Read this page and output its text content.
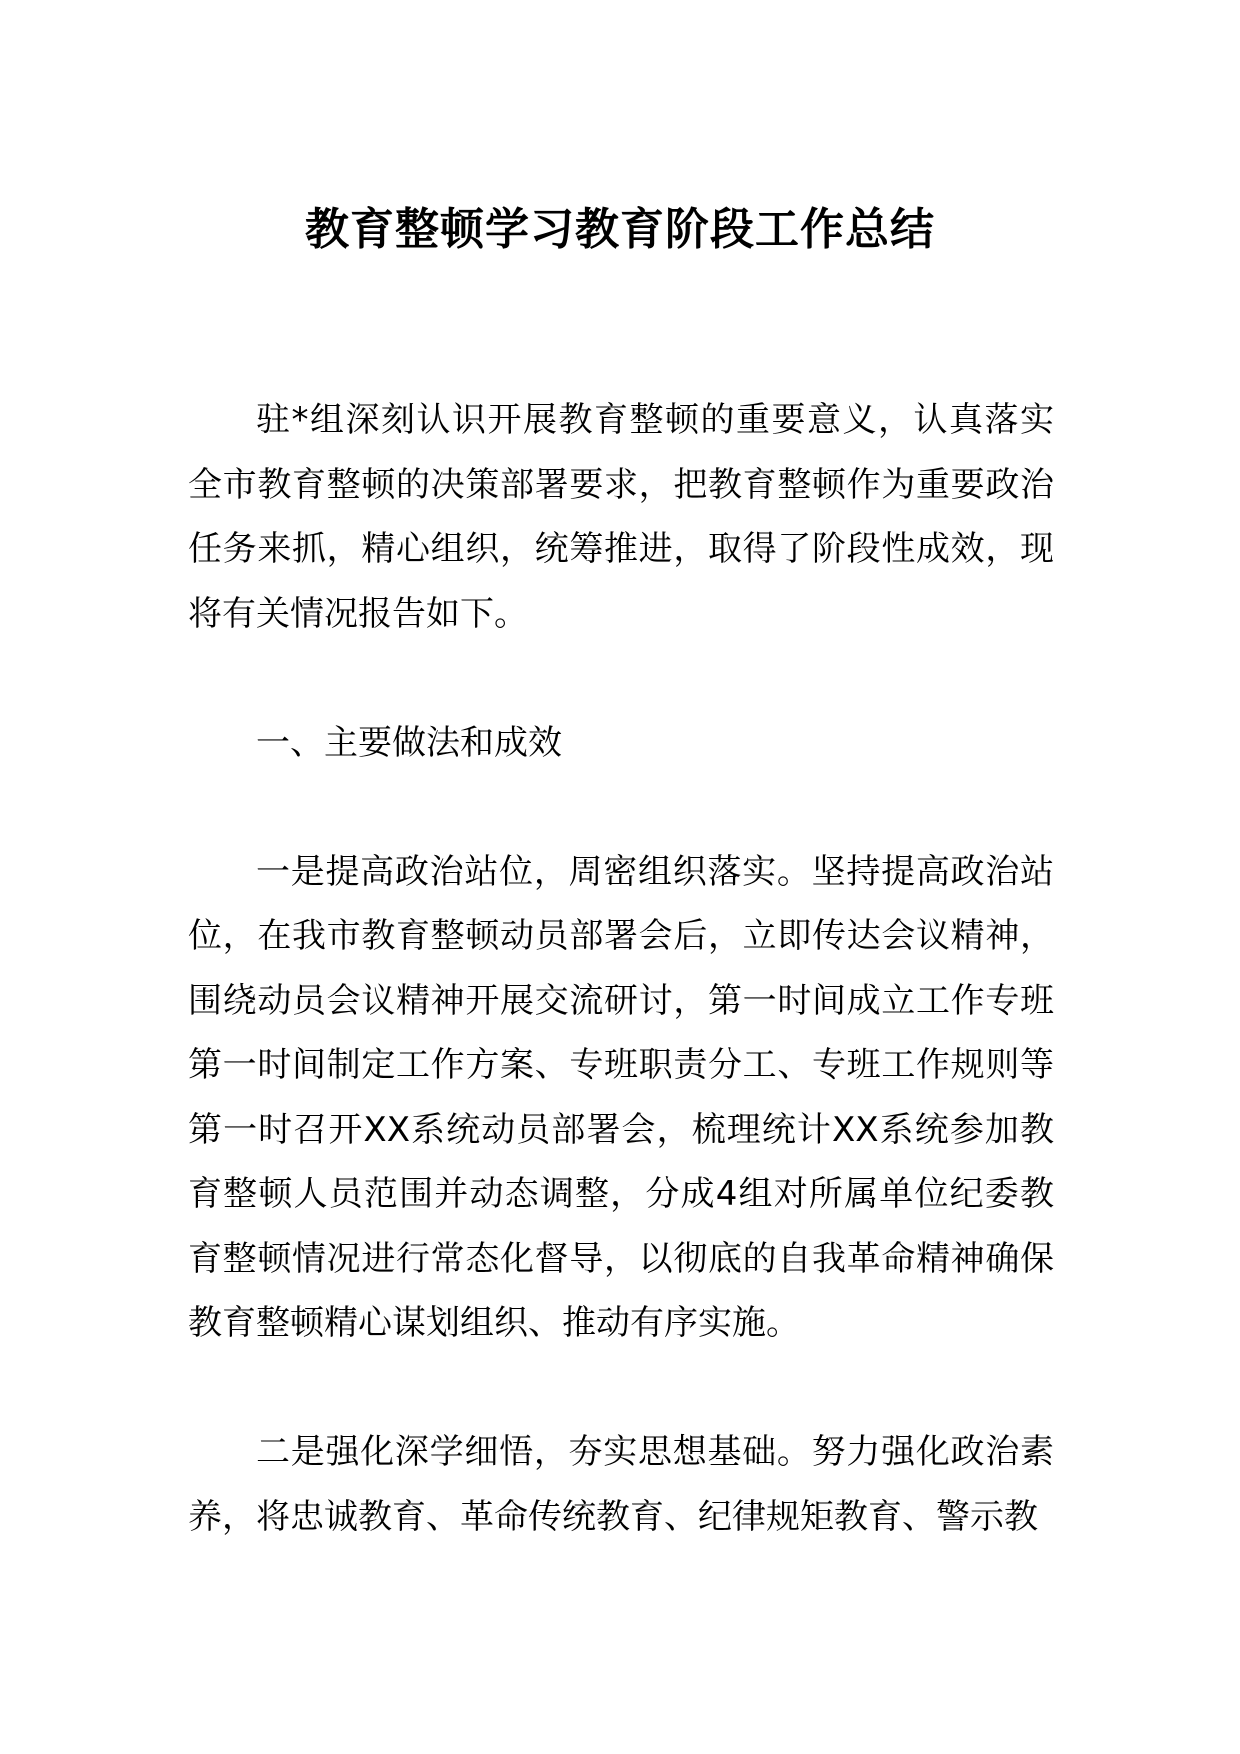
教育整顿学习教育阶段工作总结

驻*组深刻认识开展教育整顿的重要意义，认真落实全市教育整顿的决策部署要求，把教育整顿作为重要政治任务来抓，精心组织，统筹推进，取得了阶段性成效，现将有关情况报告如下。

一、主要做法和成效

一是提高政治站位，周密组织落实。坚持提高政治站位，在我市教育整顿动员部署会后，立即传达会议精神，围绕动员会议精神开展交流研讨，第一时间成立工作专班第一时间制定工作方案、专班职责分工、专班工作规则等第一时召开XX系统动员部署会，梳理统计XX系统参加教育整顿人员范围并动态调整，分成4组对所属单位纪委教育整顿情况进行常态化督导，以彻底的自我革命精神确保教育整顿精心谋划组织、推动有序实施。

二是强化深学细悟，夯实思想基础。努力强化政治素养，将忠诚教育、革命传统教育、纪律规矩教育、警示教
